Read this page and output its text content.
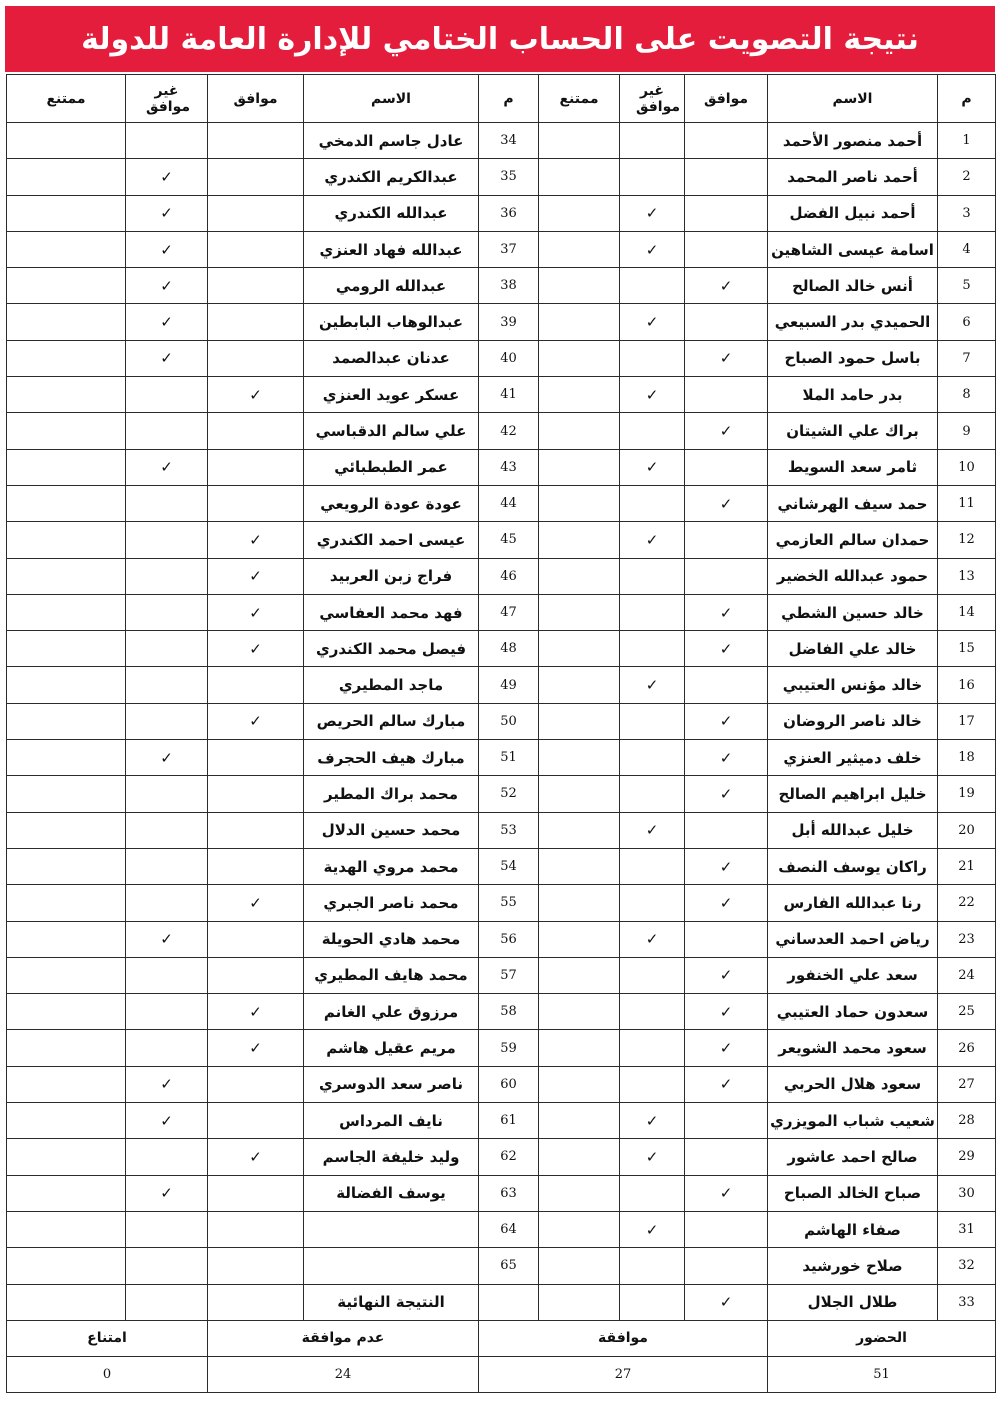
نتيجة التصويت على الحساب الختامي للإدارة العامة للدولة
ممتنع	غير موافق	موافق	الاسم	م	ممتنع	غير موافق	موافق	الاسم	م
			عادل جاسم الدمخي	34				أحمد منصور الأحمد	1
	✓		عبدالكريم الكندري	35				أحمد ناصر المحمد	2
	✓		عبدالله الكندري	36		✓		أحمد نبيل الفضل	3
	✓		عبدالله فهاد العنزي	37		✓		اسامة عيسى الشاهين	4
	✓		عبدالله الرومي	38			✓	أنس خالد الصالح	5
	✓		عبدالوهاب البابطين	39		✓		الحميدي بدر السبيعي	6
	✓		عدنان عبدالصمد	40			✓	باسل حمود الصباح	7
		✓	عسكر عويد العنزي	41		✓		بدر حامد الملا	8
			علي سالم الدقباسي	42			✓	براك علي الشيتان	9
	✓		عمر الطبطبائي	43		✓		ثامر سعد السويط	10
			عودة عودة الرويعي	44			✓	حمد سيف الهرشاني	11
		✓	عيسى احمد الكندري	45		✓		حمدان سالم العازمي	12
		✓	فراج زبن العربيد	46				حمود عبدالله الخضير	13
		✓	فهد محمد العفاسي	47			✓	خالد حسين الشطي	14
		✓	فيصل محمد الكندري	48			✓	خالد علي الفاضل	15
			ماجد المطيري	49		✓		خالد مؤنس العتيبي	16
		✓	مبارك سالم الحريص	50			✓	خالد ناصر الروضان	17
	✓		مبارك هيف الحجرف	51			✓	خلف دميثير العنزي	18
			محمد براك المطير	52			✓	خليل ابراهيم الصالح	19
			محمد حسين الدلال	53		✓		خليل عبدالله أبل	20
			محمد مروي الهدية	54			✓	راكان يوسف النصف	21
		✓	محمد ناصر الجبري	55			✓	رنا عبدالله الفارس	22
	✓		محمد هادي الحويلة	56		✓		رياض احمد العدساني	23
			محمد هايف المطيري	57			✓	سعد علي الخنفور	24
		✓	مرزوق علي الغانم	58			✓	سعدون حماد العتيبي	25
		✓	مريم عقيل هاشم	59			✓	سعود محمد الشويعر	26
	✓		ناصر سعد الدوسري	60			✓	سعود هلال الحربي	27
	✓		نايف المرداس	61		✓		شعيب شباب المويزري	28
		✓	وليد خليفة الجاسم	62		✓		صالح احمد عاشور	29
	✓		يوسف الفضالة	63			✓	صباح الخالد الصباح	30
				64		✓		صفاء الهاشم	31
				65				صلاح خورشيد	32
			النتيجة النهائية				✓	طلال الجلال	33
امتناع		عدم موافقة		موافقة				الحضور	
0		24		27				51	
